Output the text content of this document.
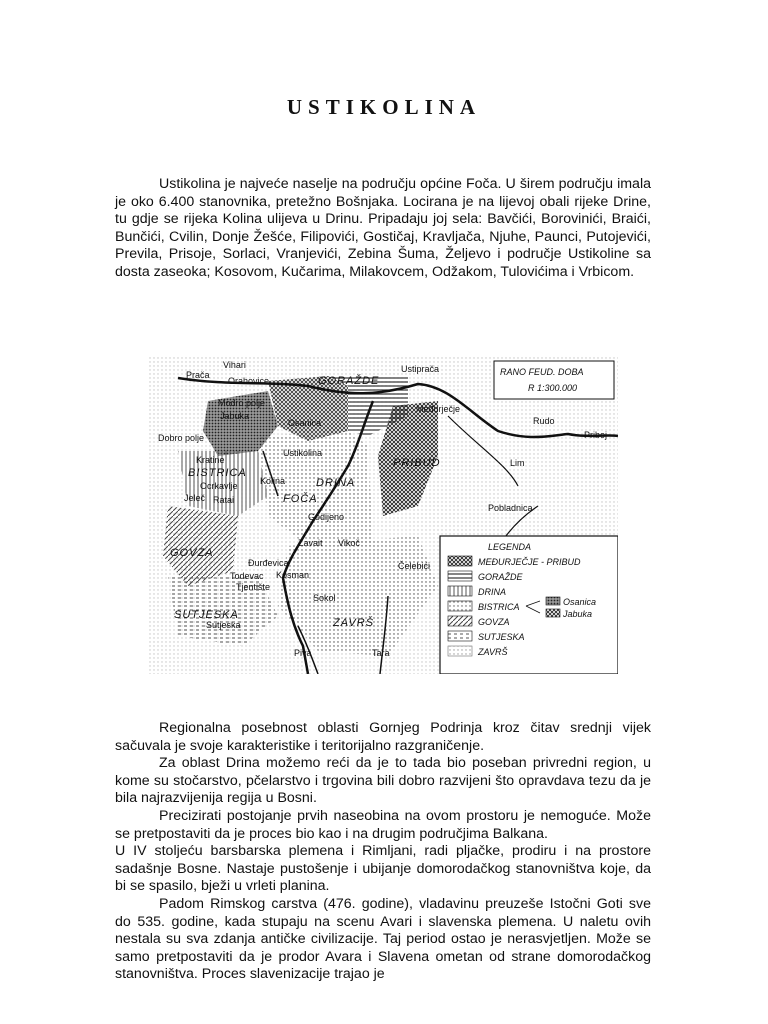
USTIKOLINA

Ustikolina je najveće naselje na području općine Foča. U širem području imala je oko 6.400 stanovnika, pretežno Bošnjaka. Locirana je na lijevoj obali rijeke Drine, tu gdje se rijeka Kolina ulijeva u Drinu. Pripadaju joj sela: Bavčići, Borovinići, Braići, Bunčići, Cvilin, Donje Žešće, Filipovići, Gostičaj, Kravljača, Njuhe, Paunci, Putojevići, Previla, Prisoje, Sorlaci, Vranjevići, Zebina Šuma, Željevo i područje Ustikoline sa dosta zaseoka; Kosovom, Kučarima, Milakovcem, Odžakom, Tulovićima i Vrbicom.

Vihari
Prača
Orahovice	GORAŽDE
Ustiprača
Međurječje
Modro polje
Jabuka
Osanica
Dobro polje
Kratine
BISTRICA
Ocrkavlje
Jeleč Ratai
Ustikolina
Kolina	DRINA
PRIBUD
Rudo
Priboj
Lim
FOČA
Godijeno
Pobladnica
GOVZA
Zavait Vikoč
Čelebići
Đurđevica
Todevac
Tjentište
Kosman
Sokol
SUTJESKA
Sutjeska	ZAVRŠ
Piva	Tara
RANO FEUD. DOBA
R 1:300.000
LEGENDA
MEĐURJEČJE - PRIBUD
GORAŽDE
DRINA
BISTRICA
GOVZA
SUTJESKA
ZAVRŠ
Osanica
Jabuka

Regionalna posebnost oblasti Gornjeg Podrinja kroz čitav srednji vijek sačuvala je svoje karakteristike i teritorijalno razgraničenje.

Za oblast Drina možemo reći da je to tada bio poseban privredni region, u kome su stočarstvo, pčelarstvo i trgovina bili dobro razvijeni što opravdava tezu da je bila najrazvijenija regija u Bosni.

Precizirati postojanje prvih naseobina na ovom prostoru je nemoguće. Može se pretpostaviti da je proces bio kao i na drugim područjima Balkana.

U IV stoljeću barsbarska plemena i Rimljani, radi pljačke, prodiru i na prostore sadašnje Bosne. Nastaje pustošenje i ubijanje domorodačkog stanovništva koje, da bi se spasilo, bježi u vrleti planina.

Padom Rimskog carstva (476. godine), vladavinu preuzeše Istočni Goti sve do 535. godine, kada stupaju na scenu Avari i slavenska plemena. U naletu ovih nestala su sva zdanja antičke civilizacije. Taj period ostao je nerasvjetljen. Može se samo pretpostaviti da je prodor Avara i Slavena ometan od strane domorodačkog stanovništva. Proces slavenizacije trajao je
